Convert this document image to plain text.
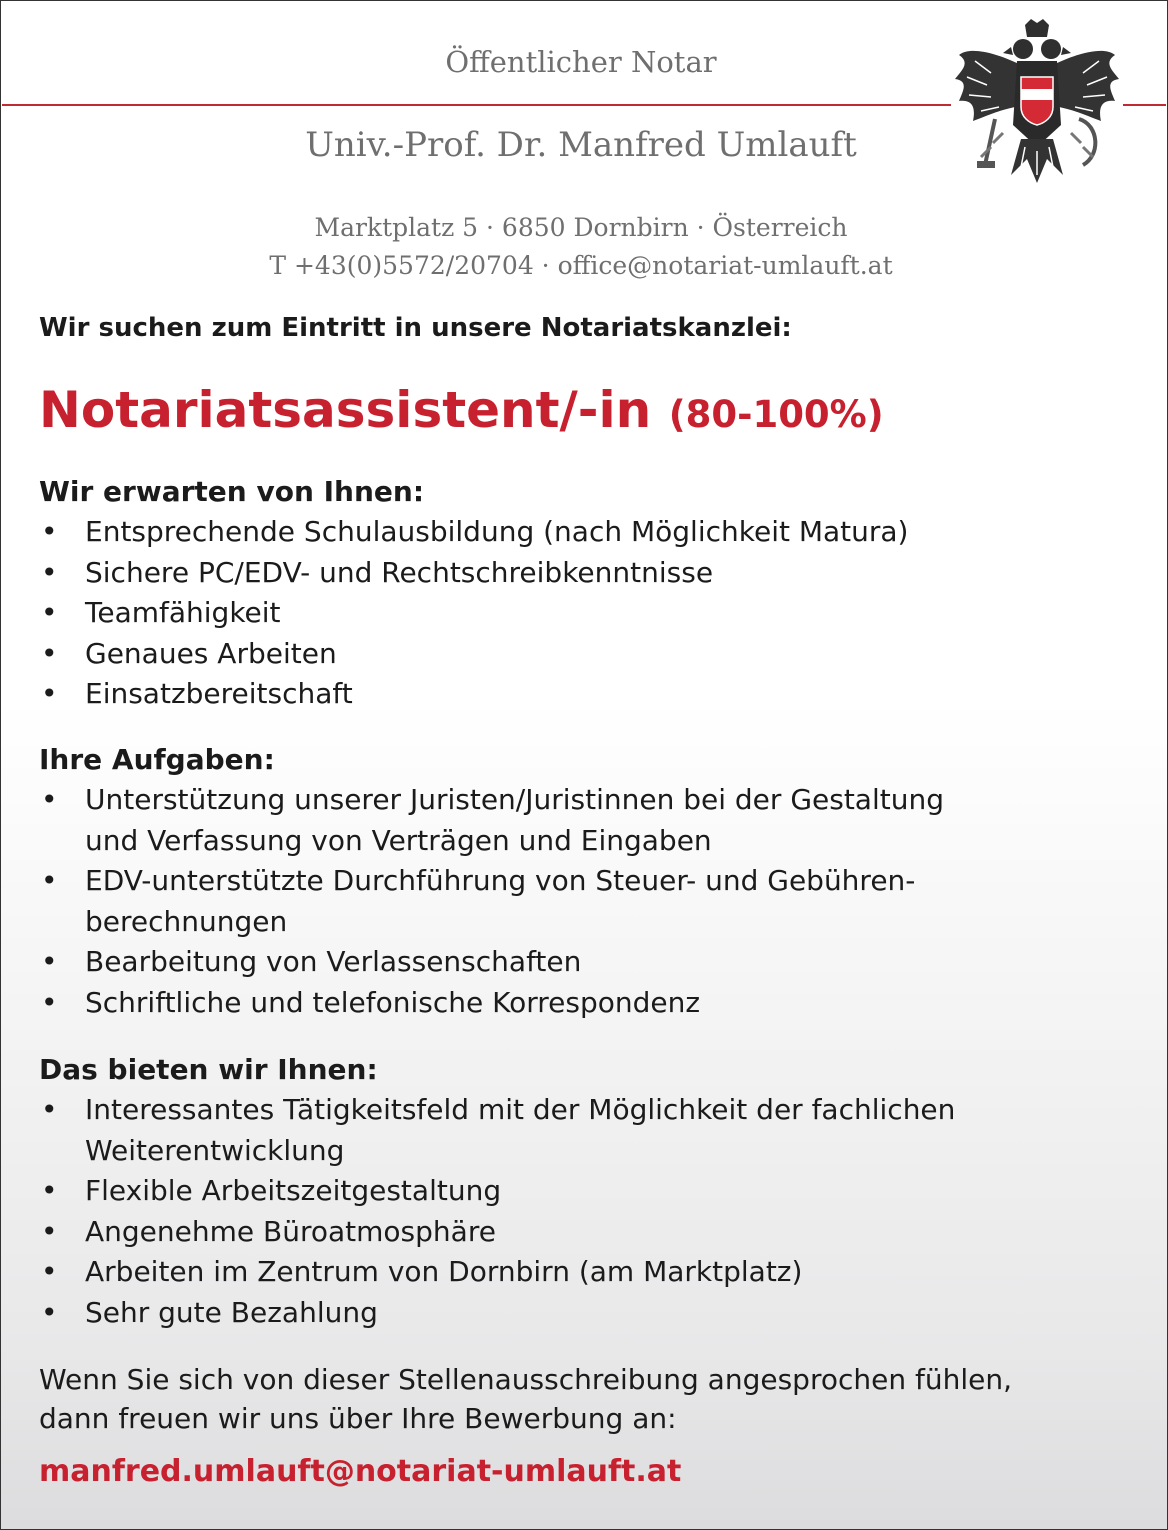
Öffentlicher Notar
Univ.-Prof. Dr. Manfred Umlauft
Marktplatz 5 · 6850 Dornbirn · Österreich
T +43(0)5572/20704 · office@notariat-umlauft.at
Wir suchen zum Eintritt in unsere Notariatskanzlei:
Notariatsassistent/-in (80-100%)
Wir erwarten von Ihnen:
• Entsprechende Schulausbildung (nach Möglichkeit Matura)
• Sichere PC/EDV- und Rechtschreibkenntnisse
• Teamfähigkeit
• Genaues Arbeiten
• Einsatzbereitschaft
Ihre Aufgaben:
• Unterstützung unserer Juristen/Juristinnen bei der Gestaltung
und Verfassung von Verträgen und Eingaben
• EDV-unterstützte Durchführung von Steuer- und Gebühren-
berechnungen
• Bearbeitung von Verlassenschaften
• Schriftliche und telefonische Korrespondenz
Das bieten wir Ihnen:
• Interessantes Tätigkeitsfeld mit der Möglichkeit der fachlichen
Weiterentwicklung
• Flexible Arbeitszeitgestaltung
• Angenehme Büroatmosphäre
• Arbeiten im Zentrum von Dornbirn (am Marktplatz)
• Sehr gute Bezahlung
Wenn Sie sich von dieser Stellenausschreibung angesprochen fühlen,
dann freuen wir uns über Ihre Bewerbung an:
manfred.umlauft@notariat-umlauft.at
